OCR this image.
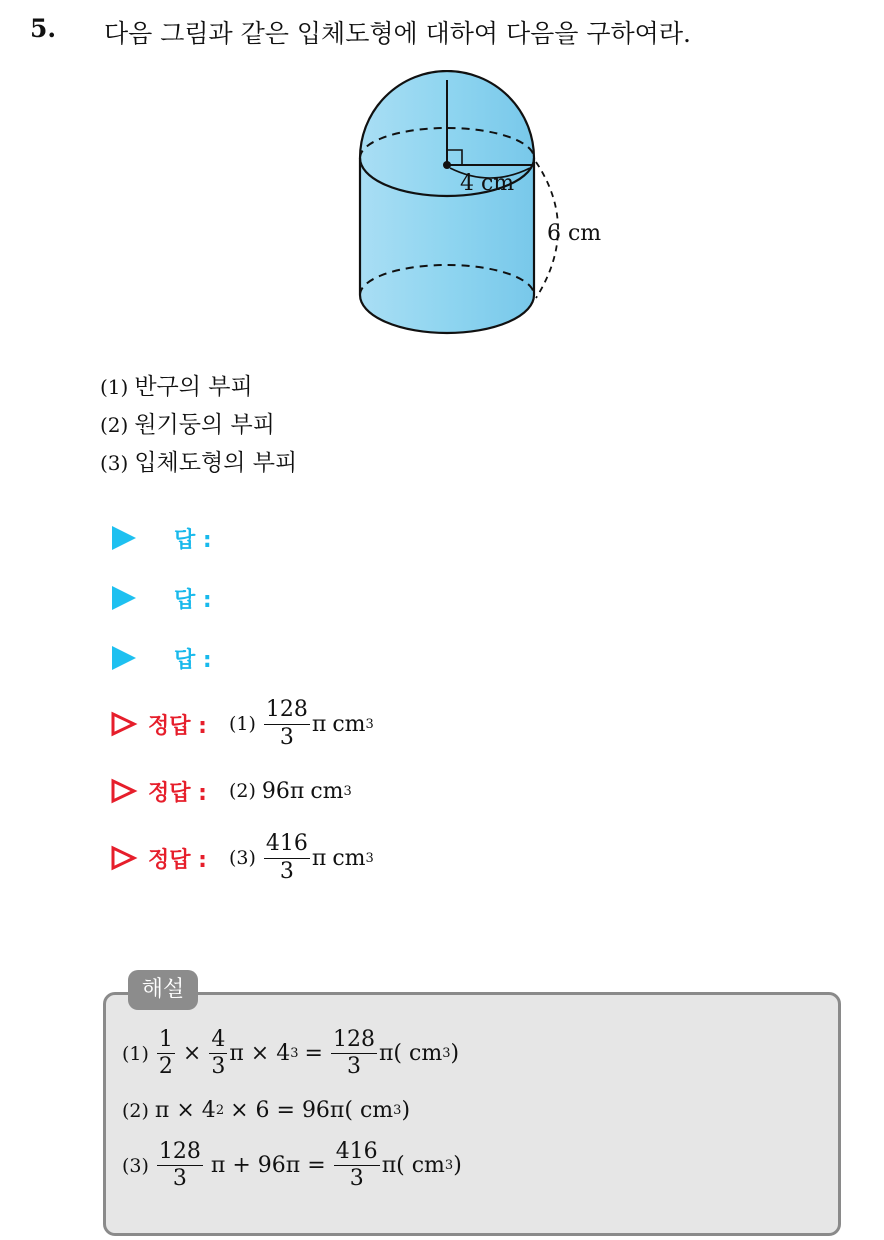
5. 다음 그림과 같은 입체도형에 대하여 다음을 구하여라.
4 cm
6 cm
(1) 반구의 부피
(2) 원기둥의 부피
(3) 입체도형의 부피
답 :
답 :
답 :
정답 : $(1) \frac{128}{3}$ π cm 3
정답 : (2) 96π cm 3
정답 : $(3) \frac{416}{3}$ π cm 3
해설
$(1) \frac{1}{2} \times \frac{4}{3}$ π × 4 $3 = \frac{128}{3} \pi$( cm 3 )
(2) π × 4 2 × 6 = 96π( cm 3 )
$(3) \frac{128}{3}$ $\pi + 96\pi = \frac{416}{3} \pi$( cm 3 )
